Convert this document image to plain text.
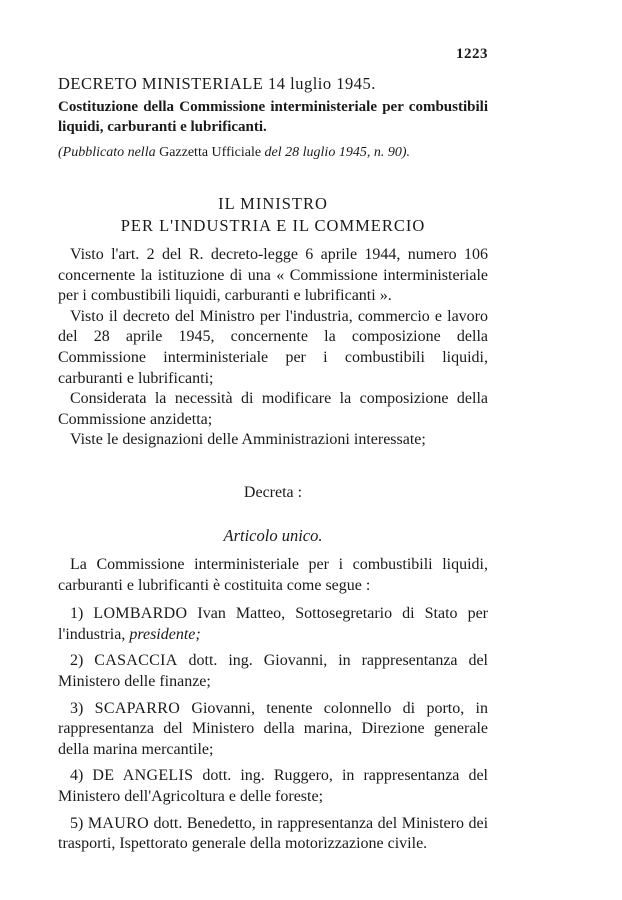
1223
DECRETO MINISTERIALE 14 luglio 1945.
Costituzione della Commissione interministeriale per combustibili liquidi, carburanti e lubrificanti.
(Pubblicato nella Gazzetta Ufficiale del 28 luglio 1945, n. 90).
IL MINISTRO
PER L'INDUSTRIA E IL COMMERCIO

Visto l'art. 2 del R. decreto-legge 6 aprile 1944, numero 106 concernente la istituzione di una « Commissione interministeriale per i combustibili liquidi, carburanti e lubrificanti ».

Visto il decreto del Ministro per l'industria, commercio e lavoro del 28 aprile 1945, concernente la composizione della Commissione interministeriale per i combustibili liquidi, carburanti e lubrificanti;

Considerata la necessità di modificare la composizione della Commissione anzidetta;

Viste le designazioni delle Amministrazioni interessate;

Decreta :
Articolo unico.

La Commissione interministeriale per i combustibili liquidi, carburanti e lubrificanti è costituita come segue :

1) LOMBARDO Ivan Matteo, Sottosegretario di Stato per l'industria, presidente;

2) CASACCIA dott. ing. Giovanni, in rappresentanza del Ministero delle finanze;

3) SCAPARRO Giovanni, tenente colonnello di porto, in rappresentanza del Ministero della marina, Direzione generale della marina mercantile;

4) DE ANGELIS dott. ing. Ruggero, in rappresentanza del Ministero dell'Agricoltura e delle foreste;

5) MAURO dott. Benedetto, in rappresentanza del Ministero dei trasporti, Ispettorato generale della motorizzazione civile.
